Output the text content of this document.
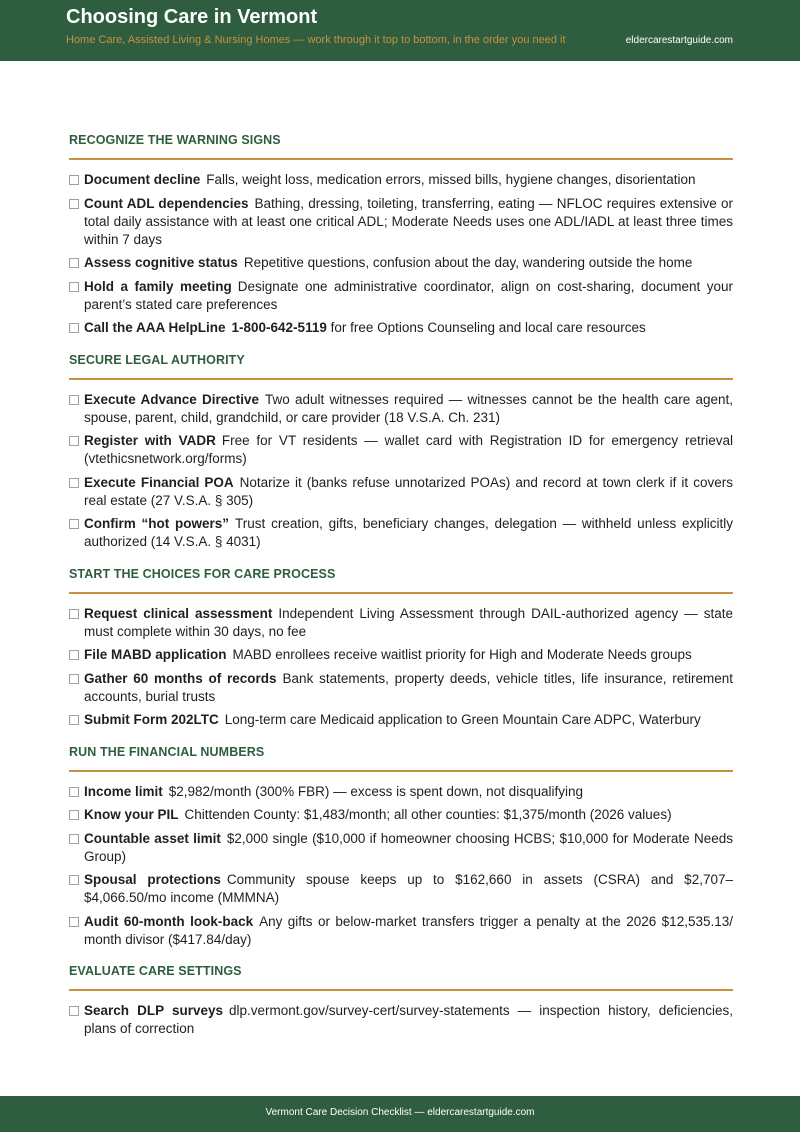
Choosing Care in Vermont
Home Care, Assisted Living & Nursing Homes — work through it top to bottom, in the order you need it	eldercarestartguide.com
RECOGNIZE THE WARNING SIGNS
Document decline Falls, weight loss, medication errors, missed bills, hygiene changes, disorientation
Count ADL dependencies Bathing, dressing, toileting, transferring, eating — NFLOC requires extensive or total daily assistance with at least one critical ADL; Moderate Needs uses one ADL/IADL at least three times within 7 days
Assess cognitive status Repetitive questions, confusion about the day, wandering outside the home
Hold a family meeting Designate one administrative coordinator, align on cost-sharing, document your parent’s stated care preferences
Call the AAA HelpLine 1-800-642-5119 for free Options Counseling and local care resources
SECURE LEGAL AUTHORITY
Execute Advance Directive Two adult witnesses required — witnesses cannot be the health care agent, spouse, parent, child, grandchild, or care provider (18 V.S.A. Ch. 231)
Register with VADR Free for VT residents — wallet card with Registration ID for emergency retrieval (vtethicsnetwork.org/forms)
Execute Financial POA Notarize it (banks refuse unnotarized POAs) and record at town clerk if it covers real estate (27 V.S.A. § 305)
Confirm “hot powers” Trust creation, gifts, beneficiary changes, delegation — withheld unless explicitly authorized (14 V.S.A. § 4031)
START THE CHOICES FOR CARE PROCESS
Request clinical assessment Independent Living Assessment through DAIL-authorized agency — state must complete within 30 days, no fee
File MABD application MABD enrollees receive waitlist priority for High and Moderate Needs groups
Gather 60 months of records Bank statements, property deeds, vehicle titles, life insurance, retirement accounts, burial trusts
Submit Form 202LTC Long-term care Medicaid application to Green Mountain Care ADPC, Waterbury
RUN THE FINANCIAL NUMBERS
Income limit $2,982/month (300% FBR) — excess is spent down, not disqualifying
Know your PIL Chittenden County: $1,483/month; all other counties: $1,375/month (2026 values)
Countable asset limit $2,000 single ($10,000 if homeowner choosing HCBS; $10,000 for Moderate Needs Group)
Spousal protections Community spouse keeps up to $162,660 in assets (CSRA) and $2,707–$4,066.50/mo income (MMMNA)
Audit 60-month look-back Any gifts or below-market transfers trigger a penalty at the 2026 $12,535.13/ month divisor ($417.84/day)
EVALUATE CARE SETTINGS
Search DLP surveys dlp.vermont.gov/survey-cert/survey-statements — inspection history, deficiencies, plans of correction
Vermont Care Decision Checklist — eldercarestartguide.com
